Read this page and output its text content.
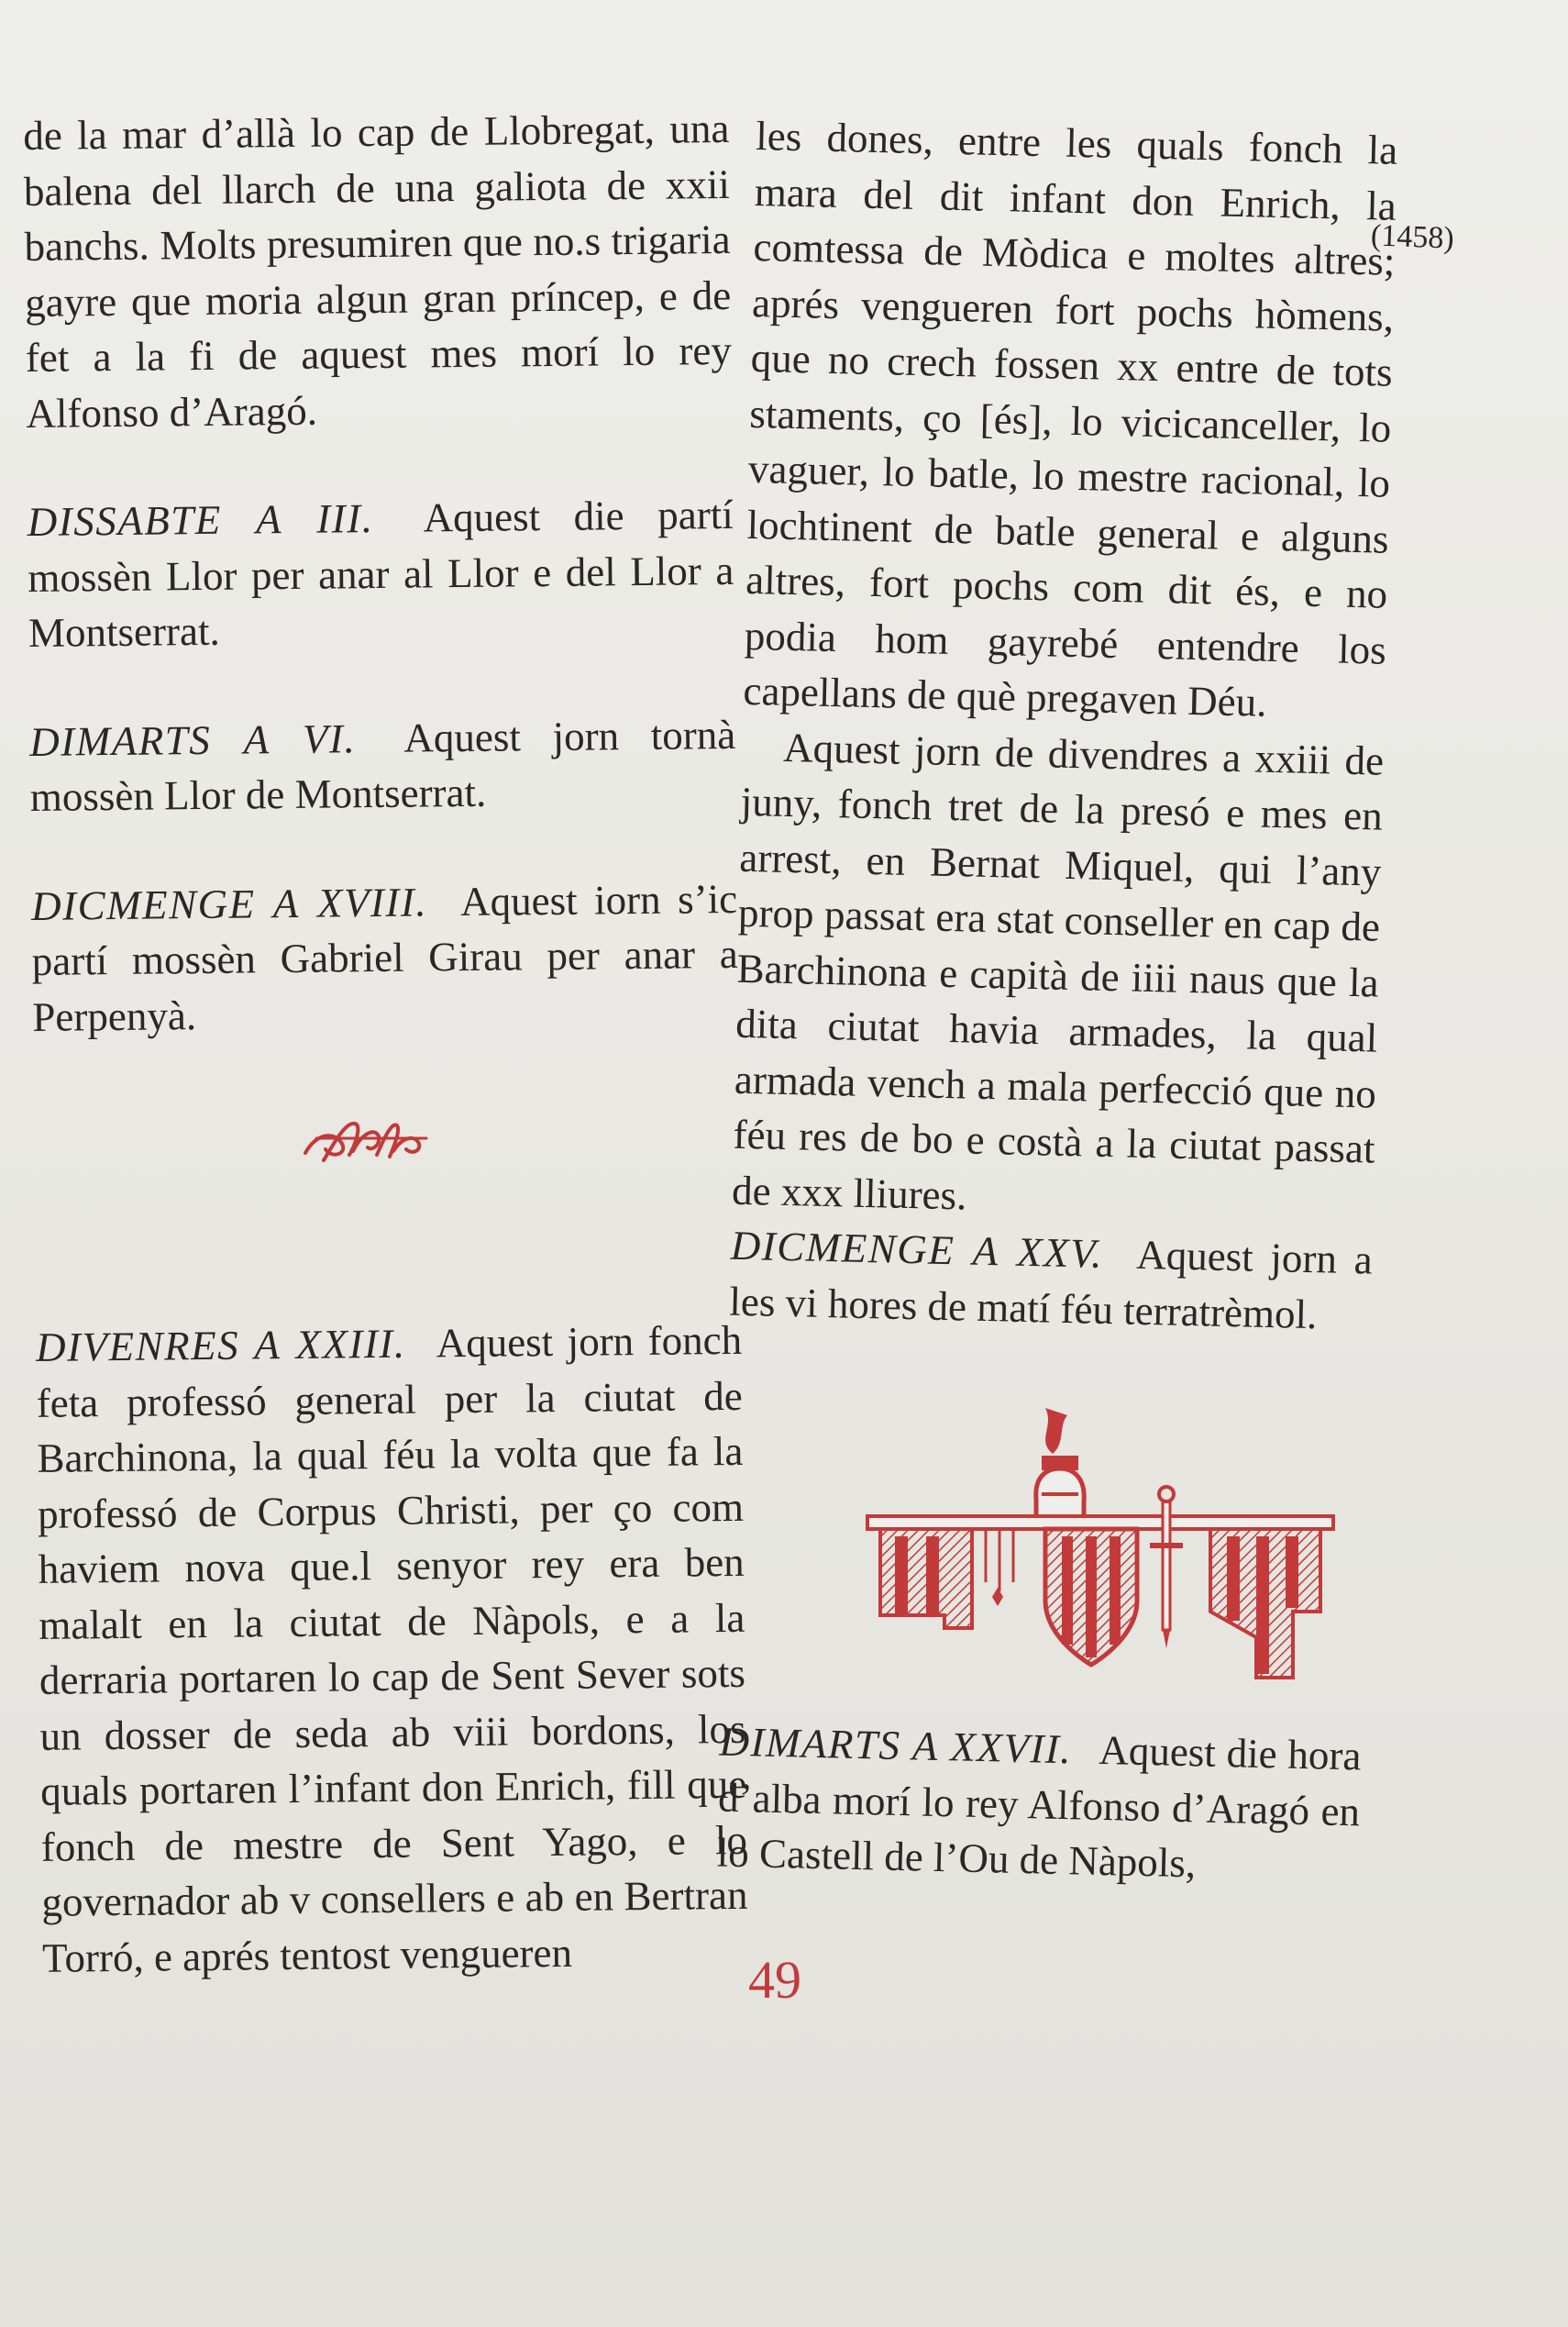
de la mar d’allà lo cap de Llobregat, una balena del llarch de una galiota de xxii banchs. Molts presumiren que no.s trigaria gayre que moria algun gran príncep, e de fet a la fi de aquest mes morí lo rey Alfonso d’Aragó.

DISSABTE A III. Aquest die partí mossèn Llor per anar al Llor e del Llor a Montserrat.

DIMARTS A VI. Aquest jorn tornà mossèn Llor de Montserrat.

DICMENGE A XVIII. Aquest iorn s’ic partí mossèn Gabriel Girau per anar a Perpenyà.

DIVENRES A XXIII. Aquest jorn fonch feta professó general per la ciutat de Barchinona, la qual féu la volta que fa la professó de Corpus Christi, per ço com haviem nova que.l senyor rey era ben malalt en la ciutat de Nàpols, e a la derraria portaren lo cap de Sent Sever sots un dosser de seda ab viii bordons, los quals portaren l’infant don Enrich, fill que fonch de mestre de Sent Yago, e lo governador ab v consellers e ab en Bertran Torró, e aprés tentost vengueren

les dones, entre les quals fonch la mara del dit infant don Enrich, la comtessa de Mòdica e moltes altres; aprés vengueren fort pochs hòmens, que no crech fossen xx entre de tots staments, ço [és], lo vicicanceller, lo vaguer, lo batle, lo mestre racional, lo lochtinent de batle general e alguns altres, fort pochs com dit és, e no podia hom gayrebé entendre los capellans de què pregaven Déu.

Aquest jorn de divendres a xxiii de juny, fonch tret de la presó e mes en arrest, en Bernat Miquel, qui l’any prop passat era stat conseller en cap de Barchinona e capità de iiii naus que la dita ciutat havia armades, la qual armada vench a mala perfecció que no féu res de bo e costà a la ciutat passat de xxx lliures.

DICMENGE A XXV. Aquest jorn a les vi hores de matí féu terratrèmol.

DIMARTS A XXVII. Aquest die hora d’alba morí lo rey Alfonso d’Aragó en lo Castell de l’Ou de Nàpols,

(1458)
49
